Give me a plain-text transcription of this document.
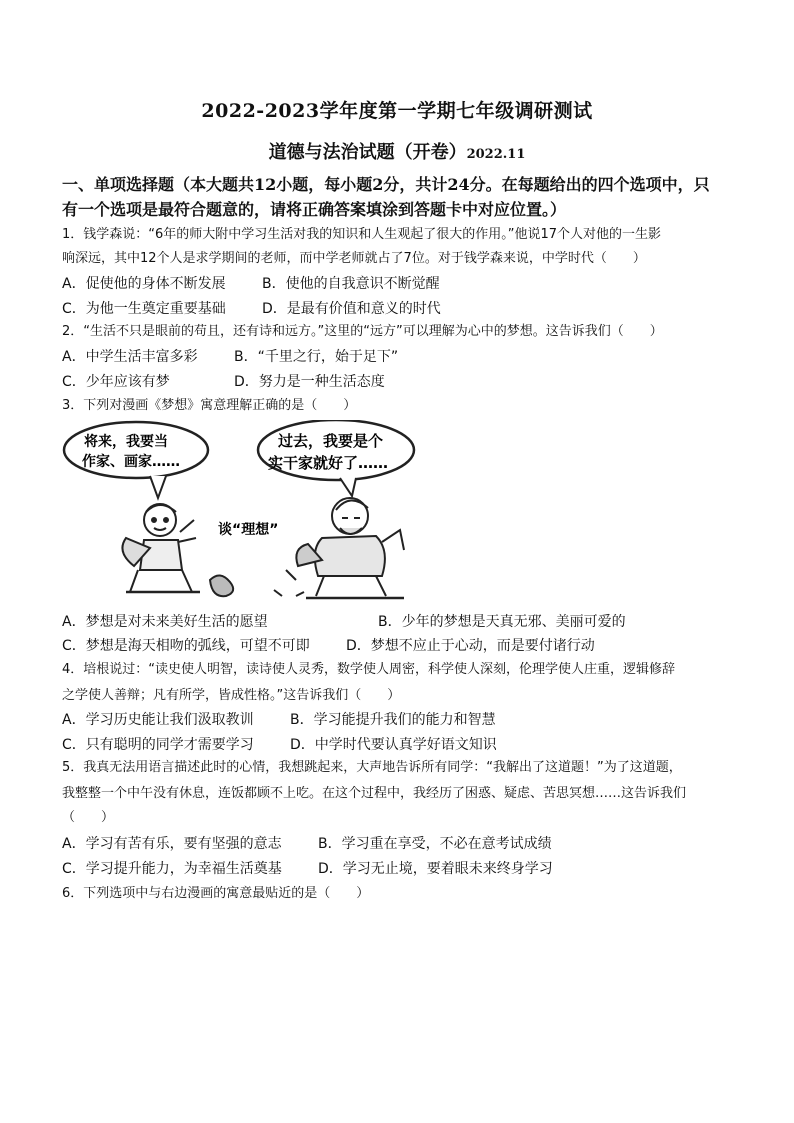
2022-2023学年度第一学期七年级调研测试
道德与法治试题（开卷）2022.11
一、单项选择题（本大题共12小题，每小题2分，共计24分。在每题给出的四个选项中，只
有一个选项是最符合题意的，请将正确答案填涂到答题卡中对应位置。）
1．钱学森说：“6年的师大附中学习生活对我的知识和人生观起了很大的作用。”他说17个人对他的一生影
响深远，其中12个人是求学期间的老师，而中学老师就占了7位。对于钱学森来说，中学时代（　　）
A．促使他的身体不断发展	B．使他的自我意识不断觉醒
C．为他一生奠定重要基础	D．是最有价值和意义的时代
2．“生活不只是眼前的苟且，还有诗和远方。”这里的“远方”可以理解为心中的梦想。这告诉我们（　　）
A．中学生活丰富多彩	B．“千里之行，始于足下”
C．少年应该有梦	D．努力是一种生活态度
3．下列对漫画《梦想》寓意理解正确的是（　　）
将来，我要当
作家、画家……
过去，我要是个
实干家就好了……
谈“理想”
A．梦想是对未来美好生活的愿望	B．少年的梦想是天真无邪、美丽可爱的
C．梦想是海天相吻的弧线，可望不可即	D．梦想不应止于心动，而是要付诸行动
4．培根说过：“读史使人明智，读诗使人灵秀，数学使人周密，科学使人深刻，伦理学使人庄重，逻辑修辞
之学使人善辩；凡有所学，皆成性格。”这告诉我们（　　）
A．学习历史能让我们汲取教训	B．学习能提升我们的能力和智慧
C．只有聪明的同学才需要学习	D．中学时代要认真学好语文知识
5．我真无法用语言描述此时的心情，我想跳起来，大声地告诉所有同学：“我解出了这道题！”为了这道题，
我整整一个中午没有休息，连饭都顾不上吃。在这个过程中，我经历了困惑、疑虑、苦思冥想……这告诉我们
（　　）
A．学习有苦有乐，要有坚强的意志	B．学习重在享受，不必在意考试成绩
C．学习提升能力，为幸福生活奠基	D．学习无止境，要着眼未来终身学习
6．下列选项中与右边漫画的寓意最贴近的是（　　）
